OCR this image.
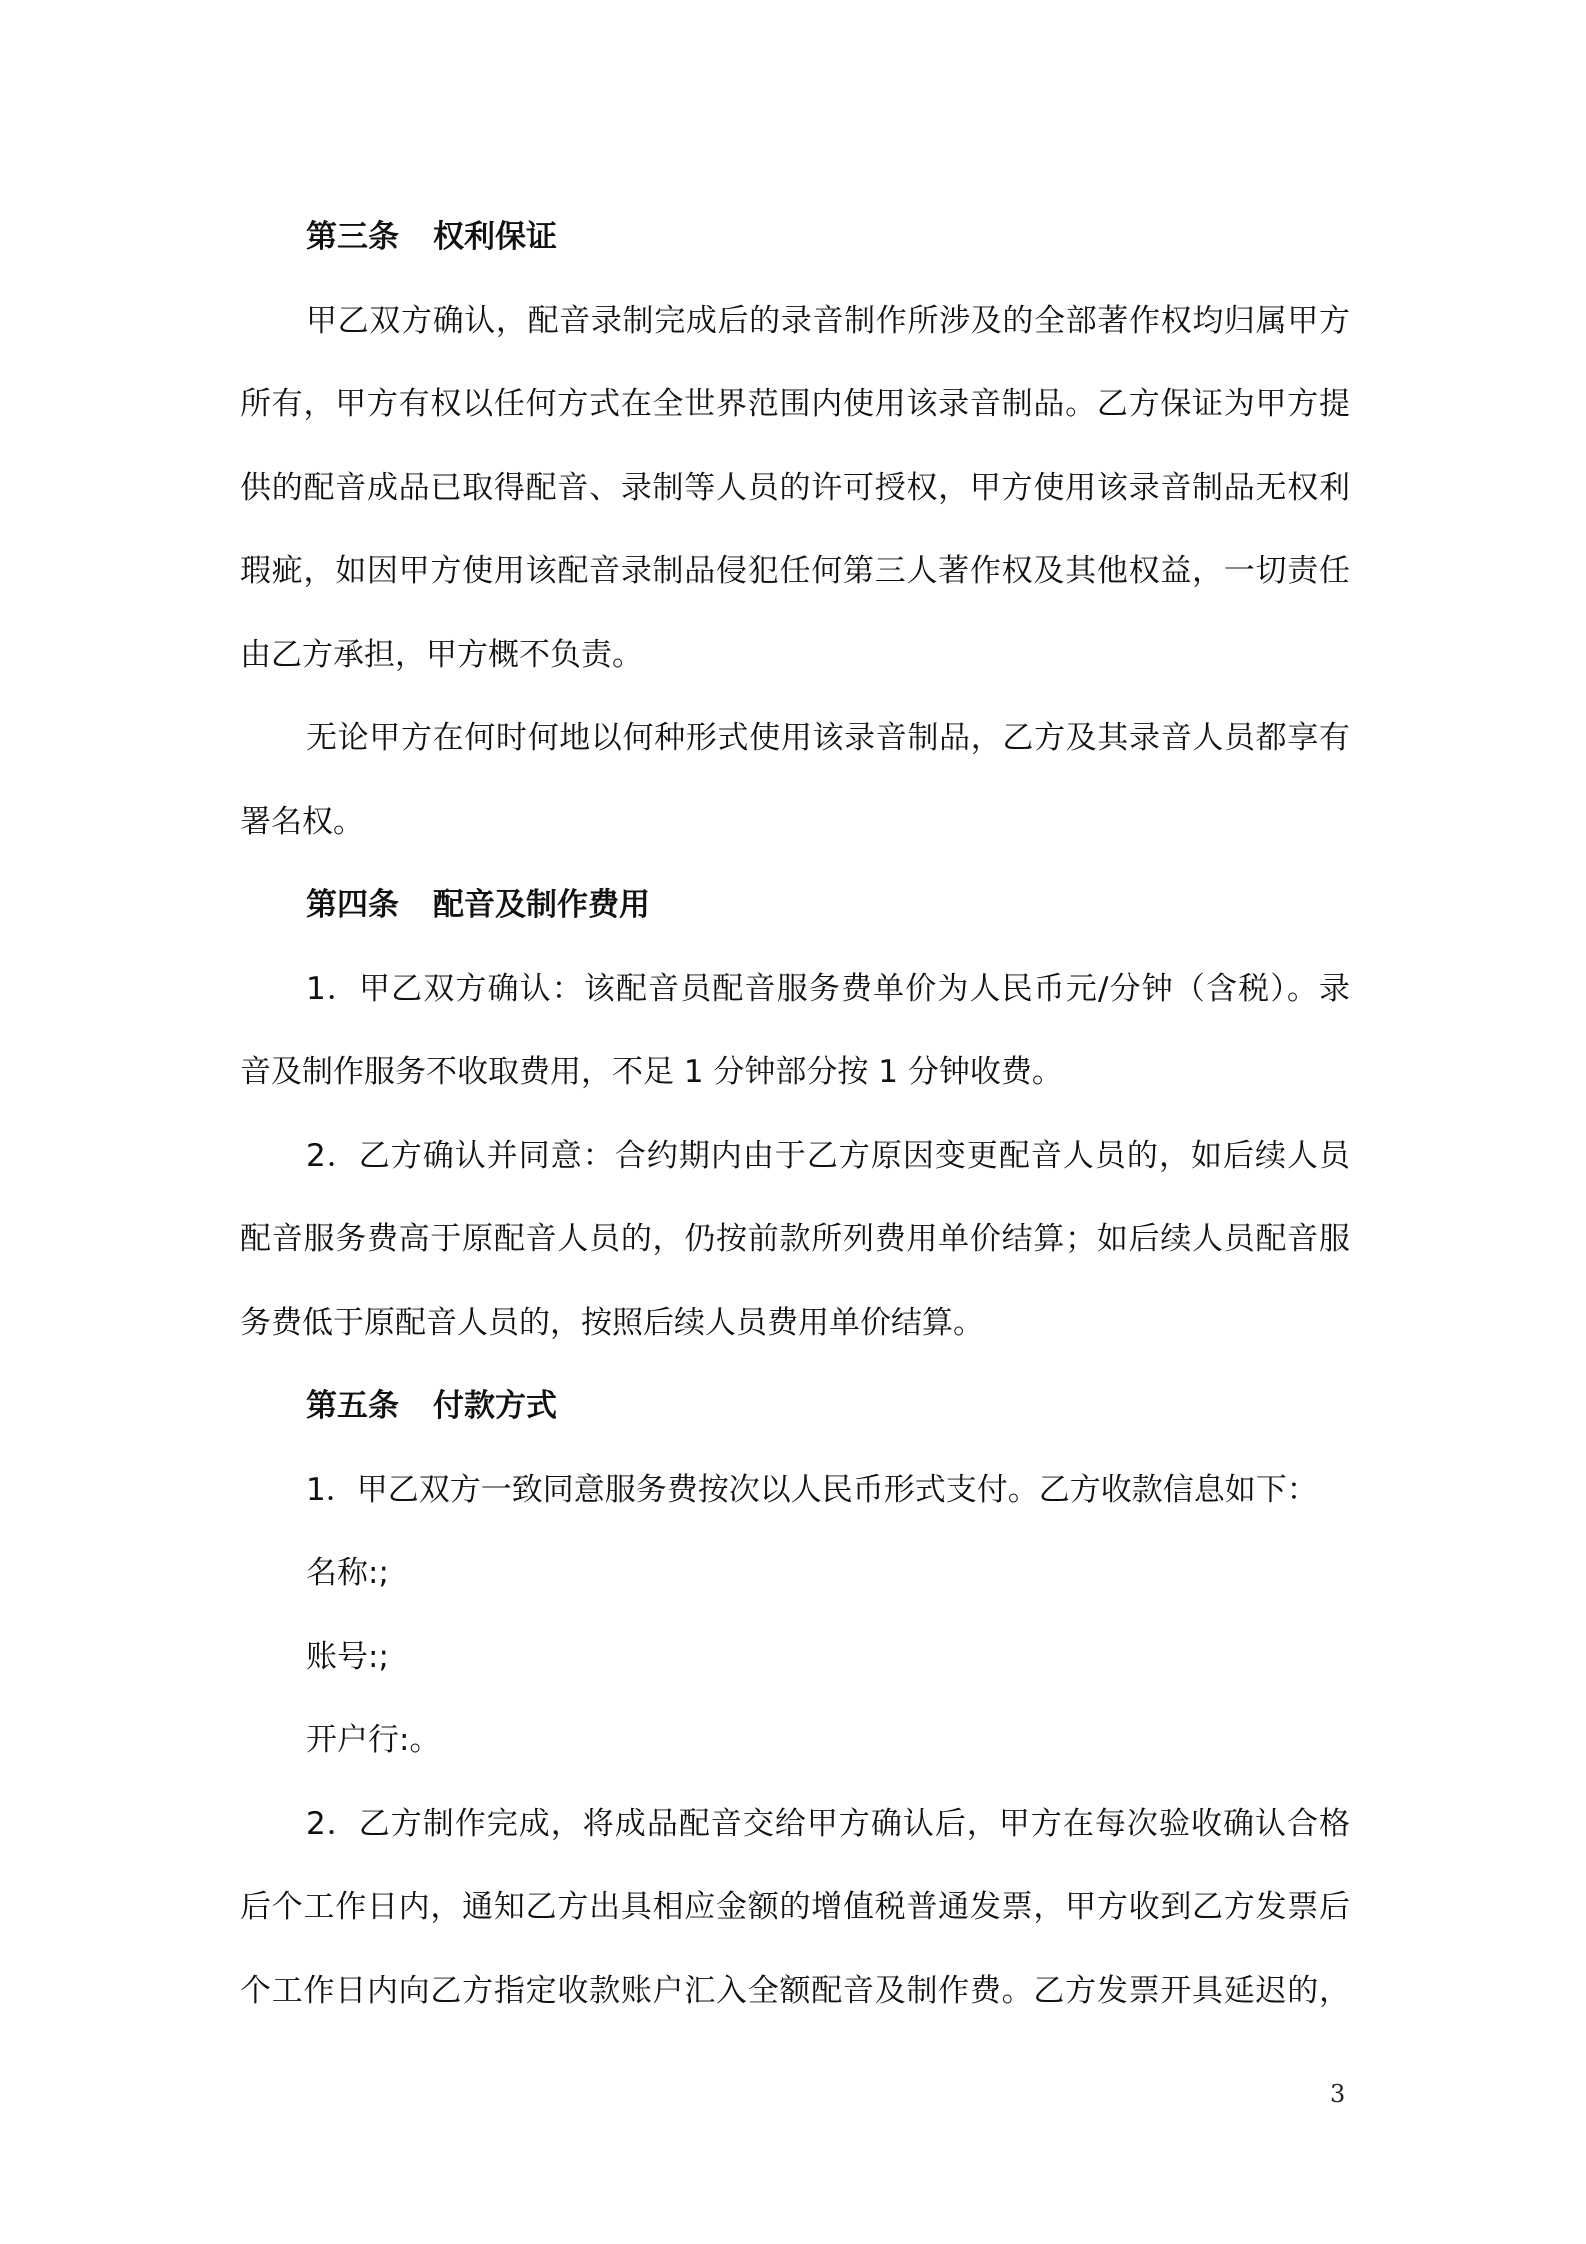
第三条 权利保证
甲乙双方确认，配音录制完成后的录音制作所涉及的全部著作权均归属甲方
所有，甲方有权以任何方式在全世界范围内使用该录音制品。乙方保证为甲方提
供的配音成品已取得配音、录制等人员的许可授权，甲方使用该录音制品无权利
瑕疵，如因甲方使用该配音录制品侵犯任何第三人著作权及其他权益，一切责任
由乙方承担，甲方概不负责。
无论甲方在何时何地以何种形式使用该录音制品，乙方及其录音人员都享有
署名权。
第四条 配音及制作费用
1．甲乙双方确认：该配音员配音服务费单价为人民币元/分钟（含税）。录
音及制作服务不收取费用，不足 1 分钟部分按 1 分钟收费。
2．乙方确认并同意：合约期内由于乙方原因变更配音人员的，如后续人员
配音服务费高于原配音人员的，仍按前款所列费用单价结算；如后续人员配音服
务费低于原配音人员的，按照后续人员费用单价结算。
第五条 付款方式
1．甲乙双方一致同意服务费按次以人民币形式支付。乙方收款信息如下：
名称:;
账号:;
开户行:。
2．乙方制作完成，将成品配音交给甲方确认后，甲方在每次验收确认合格
后个工作日内，通知乙方出具相应金额的增值税普通发票，甲方收到乙方发票后
个工作日内向乙方指定收款账户汇入全额配音及制作费。乙方发票开具延迟的，
3
